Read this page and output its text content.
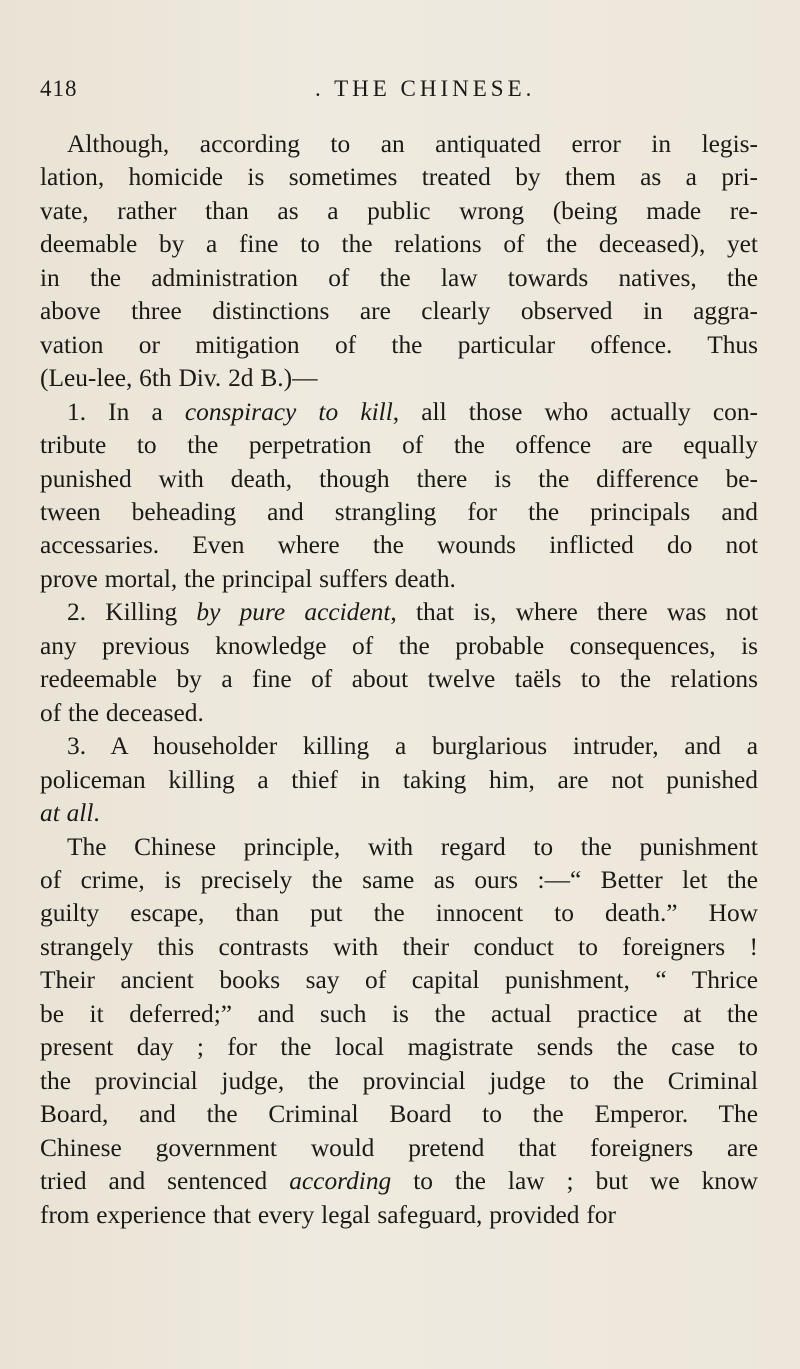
418	. THE CHINESE.
Although, according to an antiquated error in legis-
lation, homicide is sometimes treated by them as a pri-
vate, rather than as a public wrong (being made re-
deemable by a fine to the relations of the deceased), yet
in the administration of the law towards natives, the
above three distinctions are clearly observed in aggra-
vation or mitigation of the particular offence. Thus
(Leu-lee, 6th Div. 2d B.)—
1. In a conspiracy to kill, all those who actually con-
tribute to the perpetration of the offence are equally
punished with death, though there is the difference be-
tween beheading and strangling for the principals and
accessaries. Even where the wounds inflicted do not
prove mortal, the principal suffers death.
2. Killing by pure accident, that is, where there was not
any previous knowledge of the probable consequences, is
redeemable by a fine of about twelve taëls to the relations
of the deceased.
3. A householder killing a burglarious intruder, and a
policeman killing a thief in taking him, are not punished
at all.
The Chinese principle, with regard to the punishment
of crime, is precisely the same as ours :—“ Better let the
guilty escape, than put the innocent to death.” How
strangely this contrasts with their conduct to foreigners !
Their ancient books say of capital punishment, “ Thrice
be it deferred;” and such is the actual practice at the
present day ; for the local magistrate sends the case to
the provincial judge, the provincial judge to the Criminal
Board, and the Criminal Board to the Emperor. The
Chinese government would pretend that foreigners are
tried and sentenced according to the law ; but we know
from experience that every legal safeguard, provided for
